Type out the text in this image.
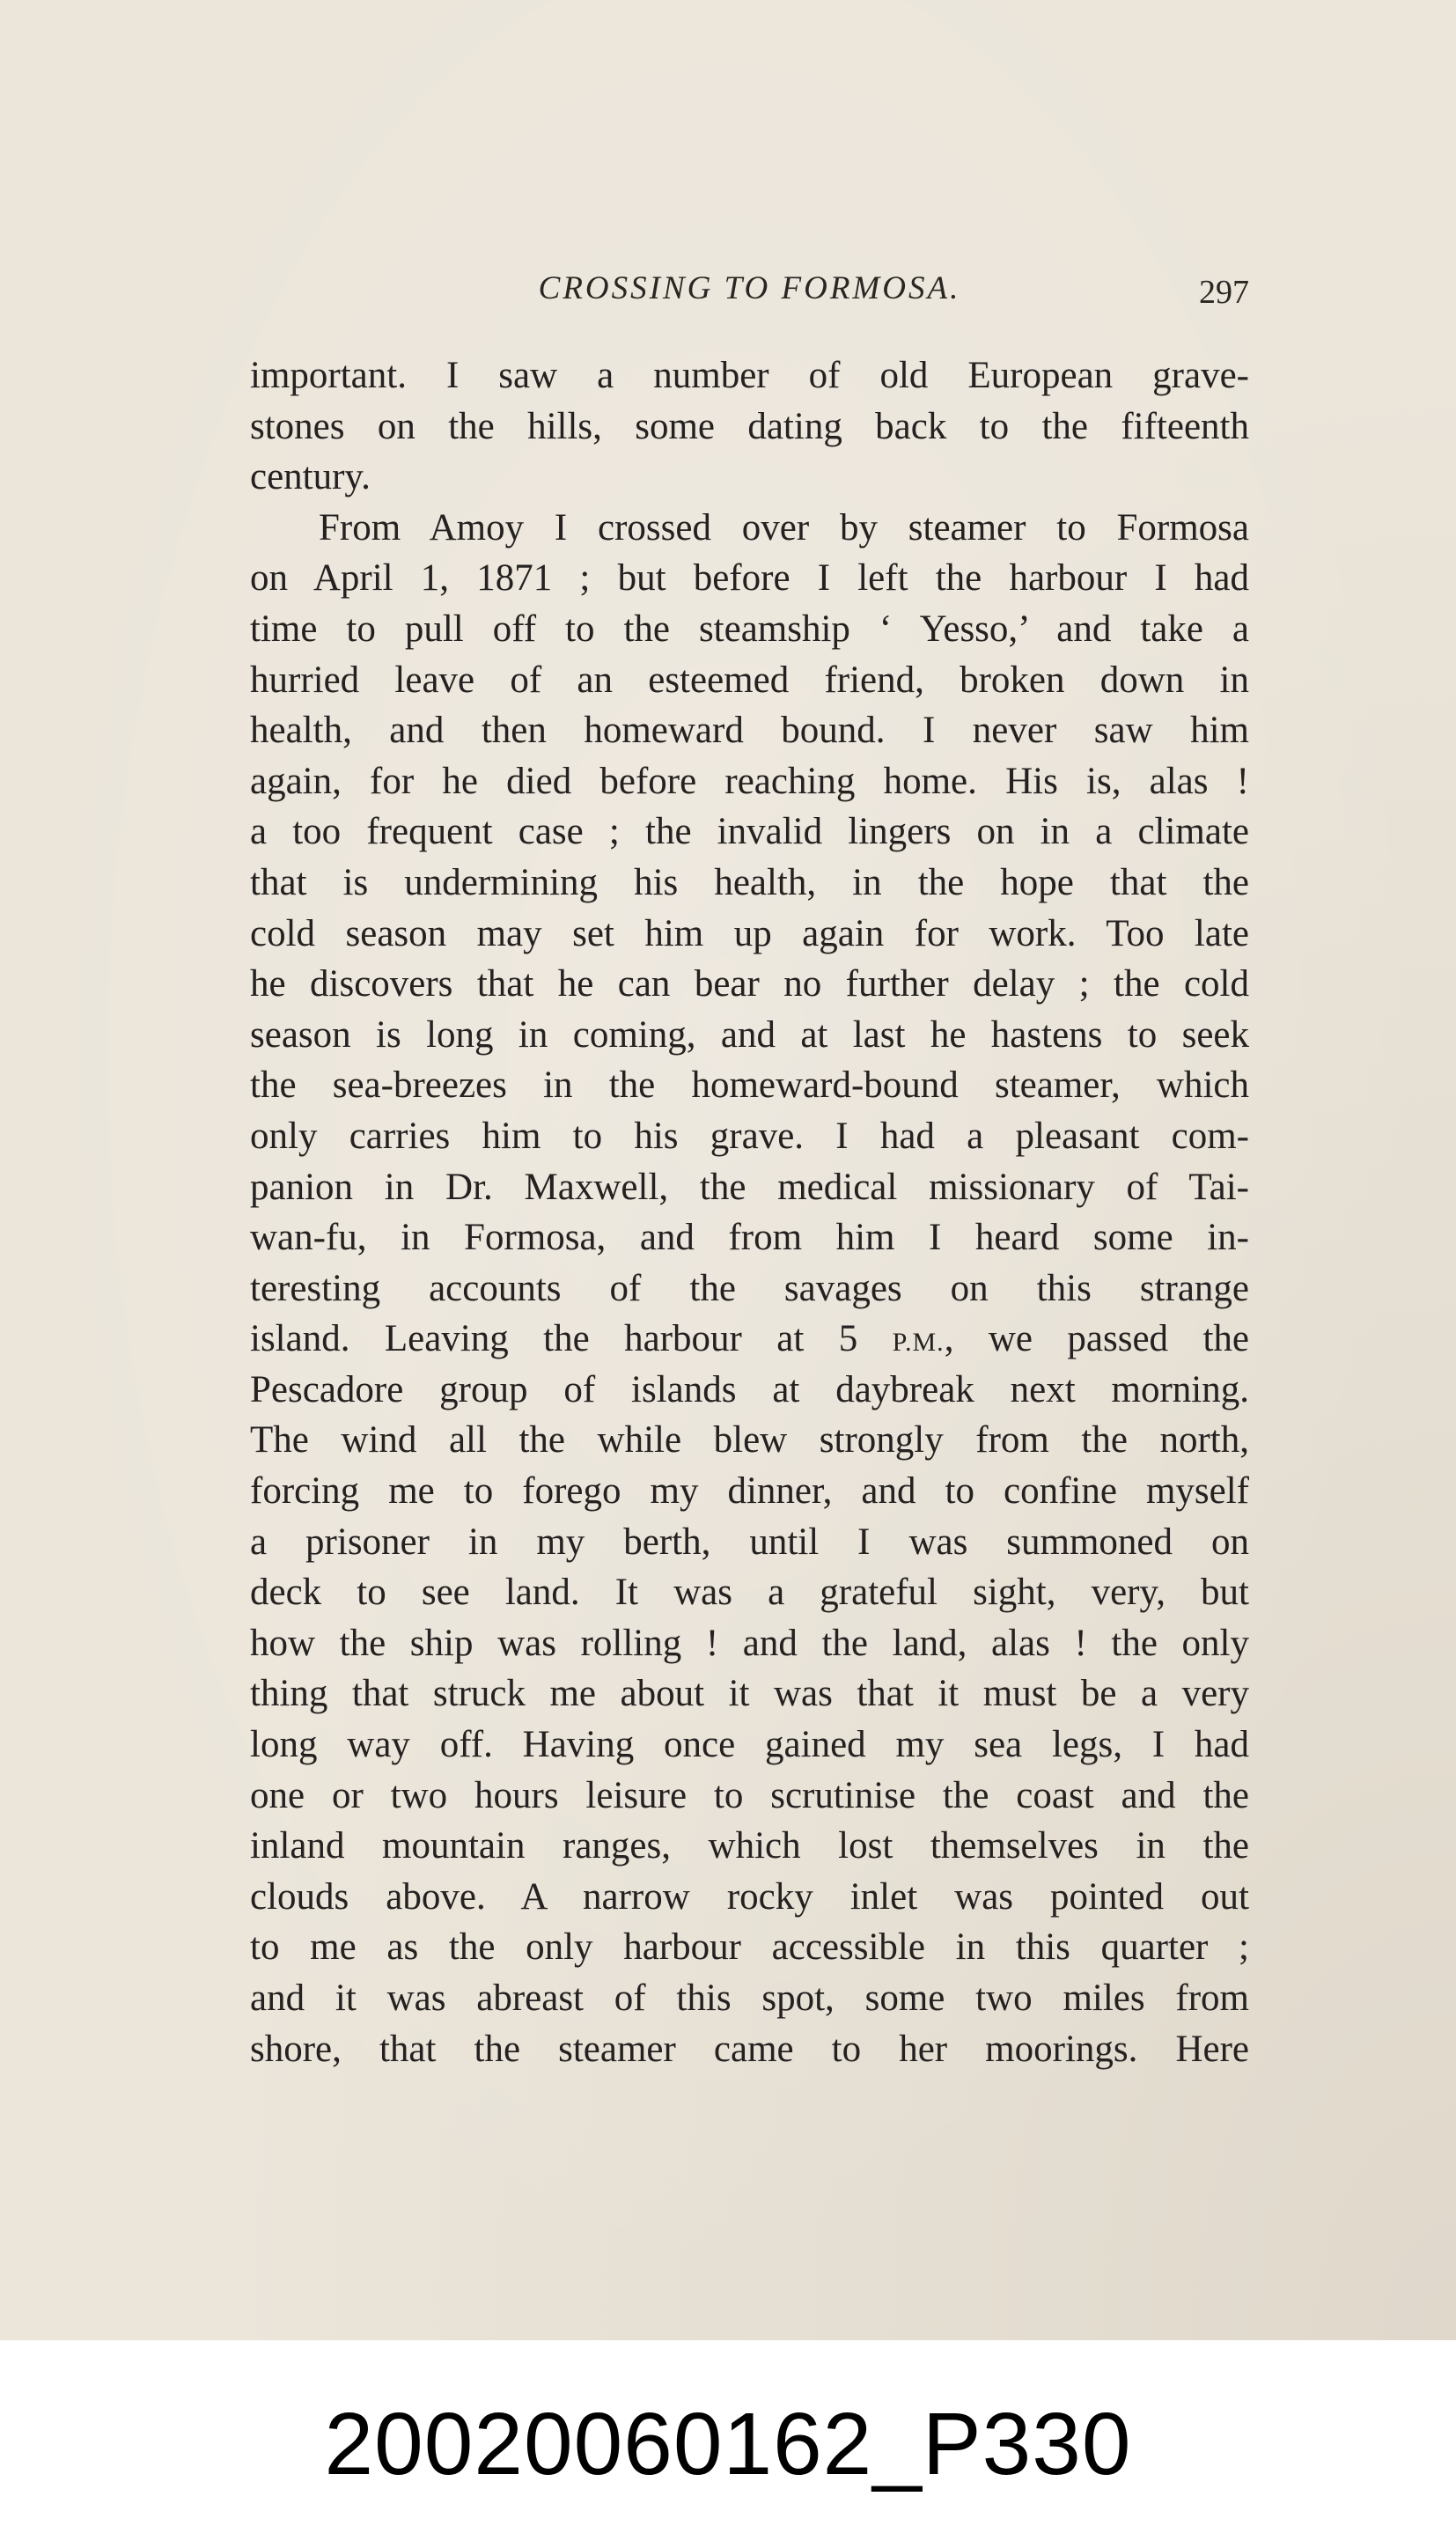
CROSSING TO FORMOSA.	297
important. I saw a number of old European grave-
stones on the hills, some dating back to the fifteenth
century.
From Amoy I crossed over by steamer to Formosa
on April 1, 1871 ; but before I left the harbour I had
time to pull off to the steamship ‘ Yesso,’ and take a
hurried leave of an esteemed friend, broken down in
health, and then homeward bound. I never saw him
again, for he died before reaching home. His is, alas !
a too frequent case ; the invalid lingers on in a climate
that is undermining his health, in the hope that the
cold season may set him up again for work. Too late
he discovers that he can bear no further delay ; the cold
season is long in coming, and at last he hastens to seek
the sea-breezes in the homeward-bound steamer, which
only carries him to his grave. I had a pleasant com-
panion in Dr. Maxwell, the medical missionary of Tai-
wan-fu, in Formosa, and from him I heard some in-
teresting accounts of the savages on this strange
island. Leaving the harbour at 5 P.M., we passed the
Pescadore group of islands at daybreak next morning.
The wind all the while blew strongly from the north,
forcing me to forego my dinner, and to confine myself
a prisoner in my berth, until I was summoned on
deck to see land. It was a grateful sight, very, but
how the ship was rolling ! and the land, alas ! the only
thing that struck me about it was that it must be a very
long way off. Having once gained my sea legs, I had
one or two hours leisure to scrutinise the coast and the
inland mountain ranges, which lost themselves in the
clouds above. A narrow rocky inlet was pointed out
to me as the only harbour accessible in this quarter ;
and it was abreast of this spot, some two miles from
shore, that the steamer came to her moorings. Here
20020060162_P330
